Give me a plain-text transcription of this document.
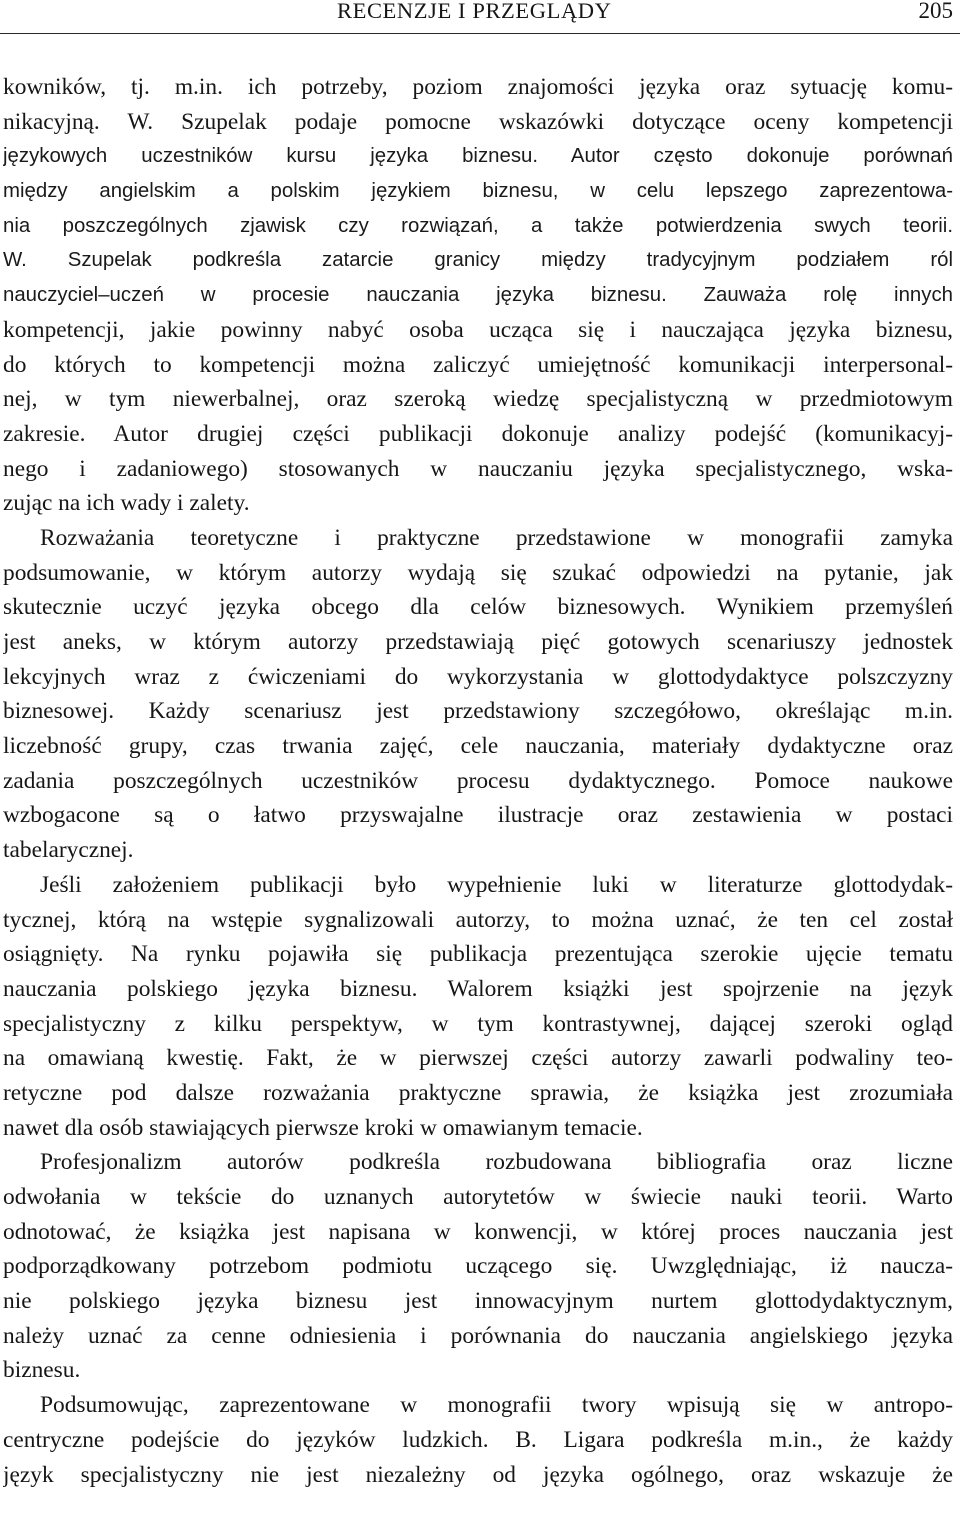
RECENZJE I PRZEGLĄDY	205
kowników, tj. m.in. ich potrzeby, poziom znajomości języka oraz sytuację komu-
nikacyjną. W. Szupelak podaje pomocne wskazówki dotyczące oceny kompetencji
językowych uczestników kursu języka biznesu. Autor często dokonuje porównań
między angielskim a polskim językiem biznesu, w celu lepszego zaprezentowa-
nia poszczególnych zjawisk czy rozwiązań, a także potwierdzenia swych teorii.
W. Szupelak podkreśla zatarcie granicy między tradycyjnym podziałem ról
nauczyciel–uczeń w procesie nauczania języka biznesu. Zauważa rolę innych
kompetencji, jakie powinny nabyć osoba ucząca się i nauczająca języka biznesu,
do których to kompetencji można zaliczyć umiejętność komunikacji interpersonal-
nej, w tym niewerbalnej, oraz szeroką wiedzę specjalistyczną w przedmiotowym
zakresie. Autor drugiej części publikacji dokonuje analizy podejść (komunikacyj-
nego i zadaniowego) stosowanych w nauczaniu języka specjalistycznego, wska-
zując na ich wady i zalety.
Rozważania teoretyczne i praktyczne przedstawione w monografii zamyka
podsumowanie, w którym autorzy wydają się szukać odpowiedzi na pytanie, jak
skutecznie uczyć języka obcego dla celów biznesowych. Wynikiem przemyśleń
jest aneks, w którym autorzy przedstawiają pięć gotowych scenariuszy jednostek
lekcyjnych wraz z ćwiczeniami do wykorzystania w glottodydaktyce polszczyzny
biznesowej. Każdy scenariusz jest przedstawiony szczegółowo, określając m.in.
liczebność grupy, czas trwania zajęć, cele nauczania, materiały dydaktyczne oraz
zadania poszczególnych uczestników procesu dydaktycznego. Pomoce naukowe
wzbogacone są o łatwo przyswajalne ilustracje oraz zestawienia w postaci
tabelarycznej.
Jeśli założeniem publikacji było wypełnienie luki w literaturze glottodydak-
tycznej, którą na wstępie sygnalizowali autorzy, to można uznać, że ten cel został
osiągnięty. Na rynku pojawiła się publikacja prezentująca szerokie ujęcie tematu
nauczania polskiego języka biznesu. Walorem książki jest spojrzenie na język
specjalistyczny z kilku perspektyw, w tym kontrastywnej, dającej szeroki ogląd
na omawianą kwestię. Fakt, że w pierwszej części autorzy zawarli podwaliny teo-
retyczne pod dalsze rozważania praktyczne sprawia, że książka jest zrozumiała
nawet dla osób stawiających pierwsze kroki w omawianym temacie.
Profesjonalizm autorów podkreśla rozbudowana bibliografia oraz liczne
odwołania w tekście do uznanych autorytetów w świecie nauki teorii. Warto
odnotować, że książka jest napisana w konwencji, w której proces nauczania jest
podporządkowany potrzebom podmiotu uczącego się. Uwzględniając, iż naucza-
nie polskiego języka biznesu jest innowacyjnym nurtem glottodydaktycznym,
należy uznać za cenne odniesienia i porównania do nauczania angielskiego języka
biznesu.
Podsumowując, zaprezentowane w monografii twory wpisują się w antropo-
centryczne podejście do języków ludzkich. B. Ligara podkreśla m.in., że każdy
język specjalistyczny nie jest niezależny od języka ogólnego, oraz wskazuje że
